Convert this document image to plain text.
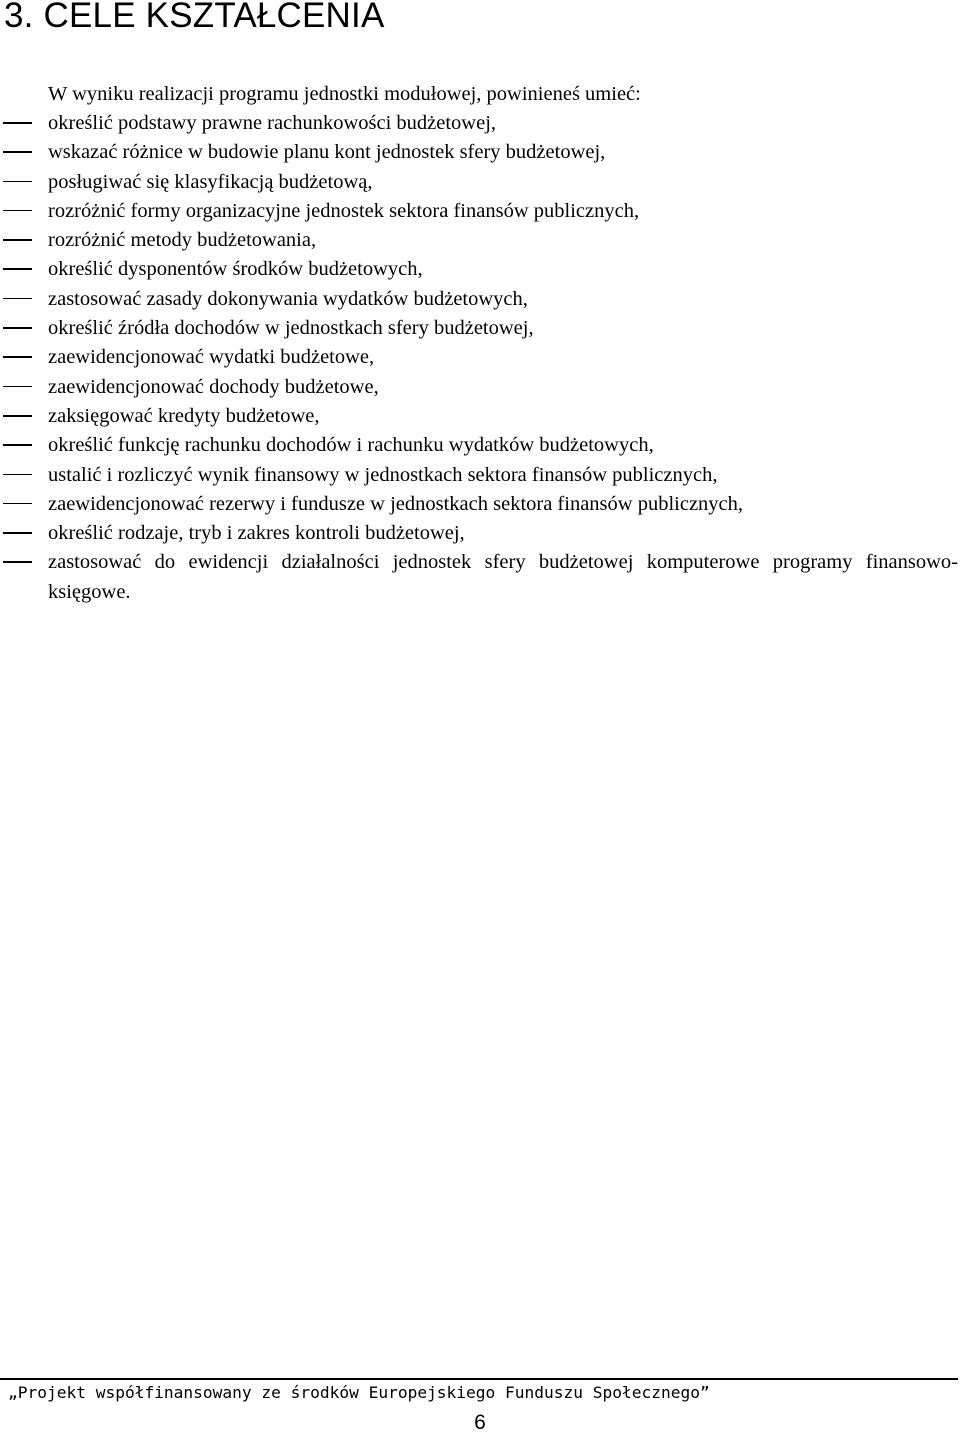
3. CELE KSZTAŁCENIA

W wyniku realizacji programu jednostki modułowej, powinieneś umieć:

określić podstawy prawne rachunkowości budżetowej,
wskazać różnice w budowie planu kont jednostek sfery budżetowej,
posługiwać się klasyfikacją budżetową,
rozróżnić formy organizacyjne jednostek sektora finansów publicznych,
rozróżnić metody budżetowania,
określić dysponentów środków budżetowych,
zastosować zasady dokonywania wydatków budżetowych,
określić źródła dochodów w jednostkach sfery budżetowej,
zaewidencjonować wydatki budżetowe,
zaewidencjonować dochody budżetowe,
zaksięgować kredyty budżetowe,
określić funkcję rachunku dochodów i rachunku wydatków budżetowych,
ustalić i rozliczyć wynik finansowy w jednostkach sektora finansów publicznych,
zaewidencjonować rezerwy i fundusze w jednostkach sektora finansów publicznych,
określić rodzaje, tryb i zakres kontroli budżetowej,
zastosować do ewidencji działalności jednostek sfery budżetowej komputerowe programy finansowo-księgowe.

„Projekt współfinansowany ze środków Europejskiego Funduszu Społecznego”

6
